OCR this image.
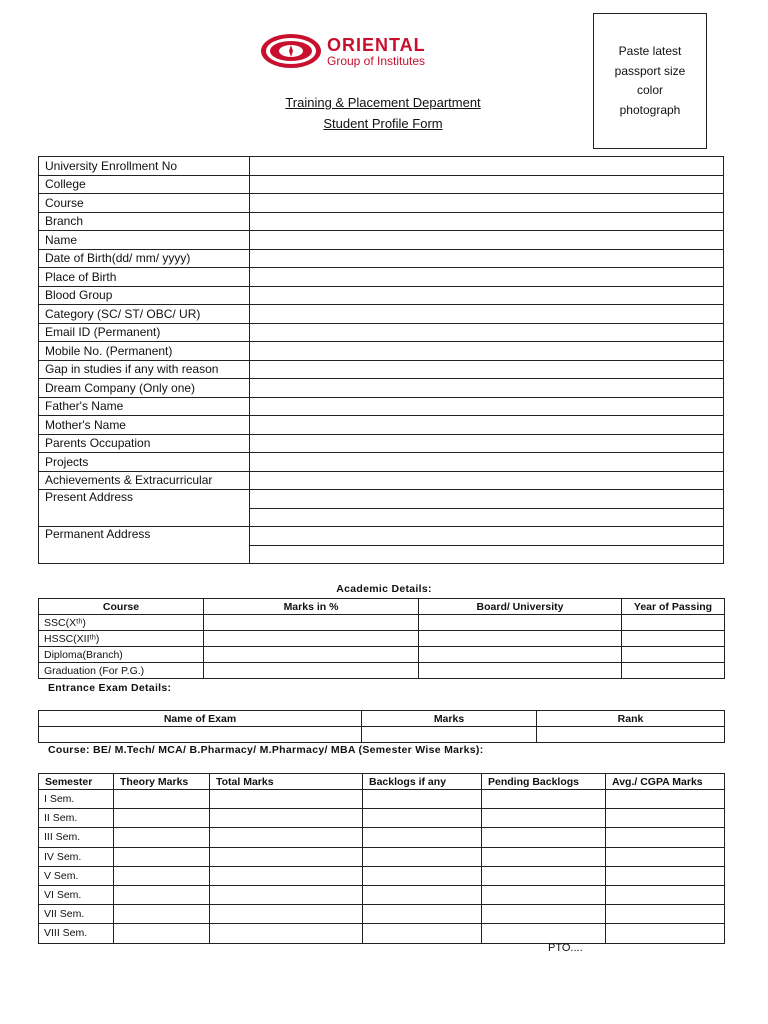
ORIENTAL
Group of Institutes
Training & Placement Department
Student Profile Form
Paste latest
passport size
color
photograph
University Enrollment No	
College	
Course	
Branch	
Name	
Date of Birth(dd/ mm/ yyyy)	
Place of Birth	
Blood Group	
Category (SC/ ST/ OBC/ UR)	
Email ID (Permanent)	
Mobile No. (Permanent)	
Gap in studies if any with reason	
Dream Company (Only one)	
Father's Name	
Mother's Name	
Parents Occupation	
Projects	
Achievements & Extracurricular	
Present Address	

Permanent Address	

Academic Details:
Course	Marks in %	Board/ University	Year of Passing
SSC(Xᵗʰ)			
HSSC(XIIᵗʰ)			
Diploma(Branch)			
Graduation (For P.G.)			
Entrance Exam Details:
Name of Exam	Marks	Rank

Course: BE/ M.Tech/ MCA/ B.Pharmacy/ M.Pharmacy/ MBA (Semester Wise Marks):
Semester	Theory Marks	Total Marks	Backlogs if any	Pending Backlogs	Avg./ CGPA Marks
I Sem.					
II Sem.					
III Sem.					
IV Sem.					
V Sem.					
VI Sem.					
VII Sem.					
VIII Sem.					
PTO....
